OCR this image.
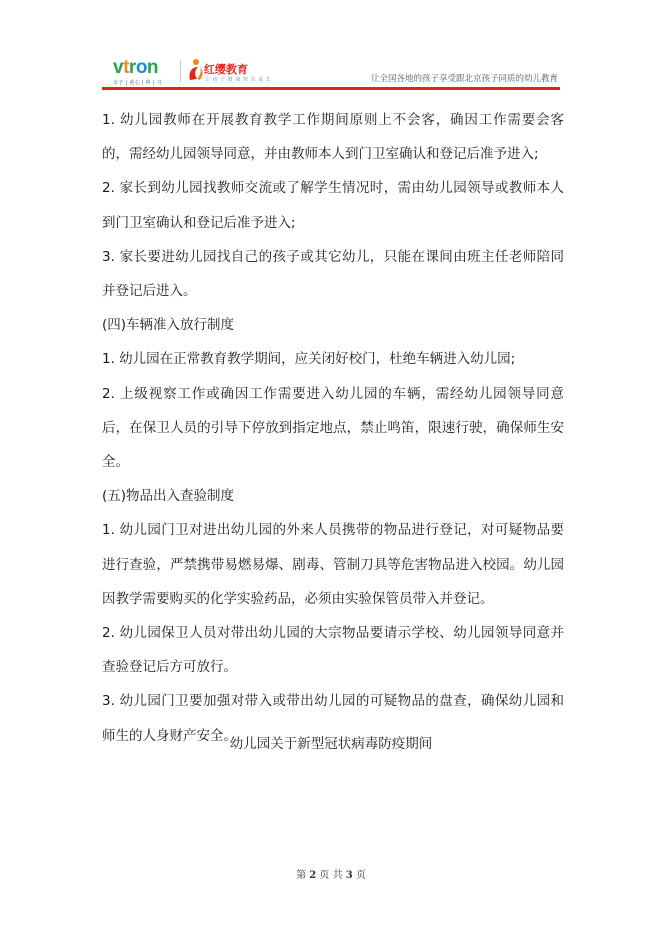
vtron
亲子 | 童心 | 科 | 兴
红缨教育
让 孩 子 健 康 快 乐 成 长	让全国各地的孩子享受跟北京孩子同质的幼儿教育

1. 幼儿园教师在开展教育教学工作期间原则上不会客，确因工作需要会客的，需经幼儿园领导同意，并由教师本人到门卫室确认和登记后准予进入;

2. 家长到幼儿园找教师交流或了解学生情况时，需由幼儿园领导或教师本人到门卫室确认和登记后准予进入;

3. 家长要进幼儿园找自己的孩子或其它幼儿，只能在课间由班主任老师陪同并登记后进入。

(四)车辆准入放行制度

1. 幼儿园在正常教育教学期间，应关闭好校门，杜绝车辆进入幼儿园;

2. 上级视察工作或确因工作需要进入幼儿园的车辆，需经幼儿园领导同意后，在保卫人员的引导下停放到指定地点，禁止鸣笛，限速行驶，确保师生安全。

(五)物品出入查验制度

1. 幼儿园门卫对进出幼儿园的外来人员携带的物品进行登记，对可疑物品要进行查验，严禁携带易燃易爆、剧毒、管制刀具等危害物品进入校园。幼儿园因教学需要购买的化学实验药品，必须由实验保管员带入并登记。

2. 幼儿园保卫人员对带出幼儿园的大宗物品要请示学校、幼儿园领导同意并查验登记后方可放行。

3. 幼儿园门卫要加强对带入或带出幼儿园的可疑物品的盘查，确保幼儿园和师生的人身财产安全。

幼儿园关于新型冠状病毒防疫期间
第 2 页 共 3 页
